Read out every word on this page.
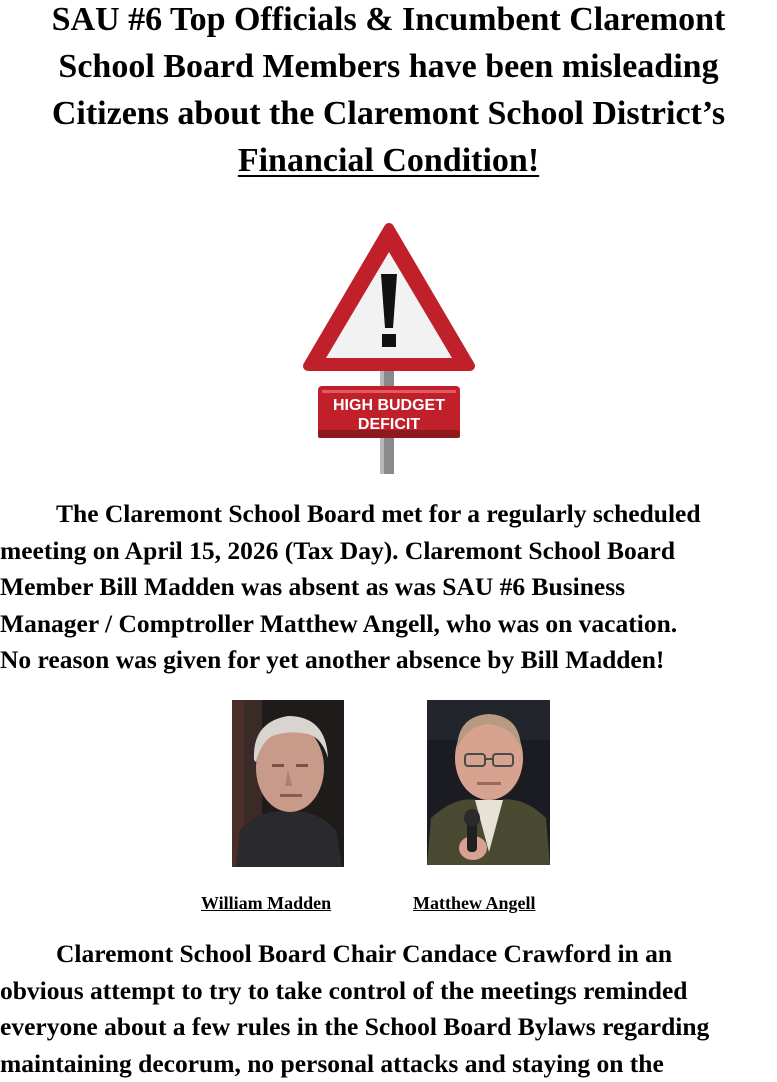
SAU #6 Top Officials & Incumbent Claremont
School Board Members have been misleading
Citizens about the Claremont School District’s
Financial Condition!
HIGH BUDGET
DEFICIT
The Claremont School Board met for a regularly scheduled
meeting on April 15, 2026 (Tax Day). Claremont School Board
Member Bill Madden was absent as was SAU #6 Business
Manager / Comptroller Matthew Angell, who was on vacation.
No reason was given for yet another absence by Bill Madden!
William Madden	Matthew Angell
Claremont School Board Chair Candace Crawford in an
obvious attempt to try to take control of the meetings reminded
everyone about a few rules in the School Board Bylaws regarding
maintaining decorum, no personal attacks and staying on the
